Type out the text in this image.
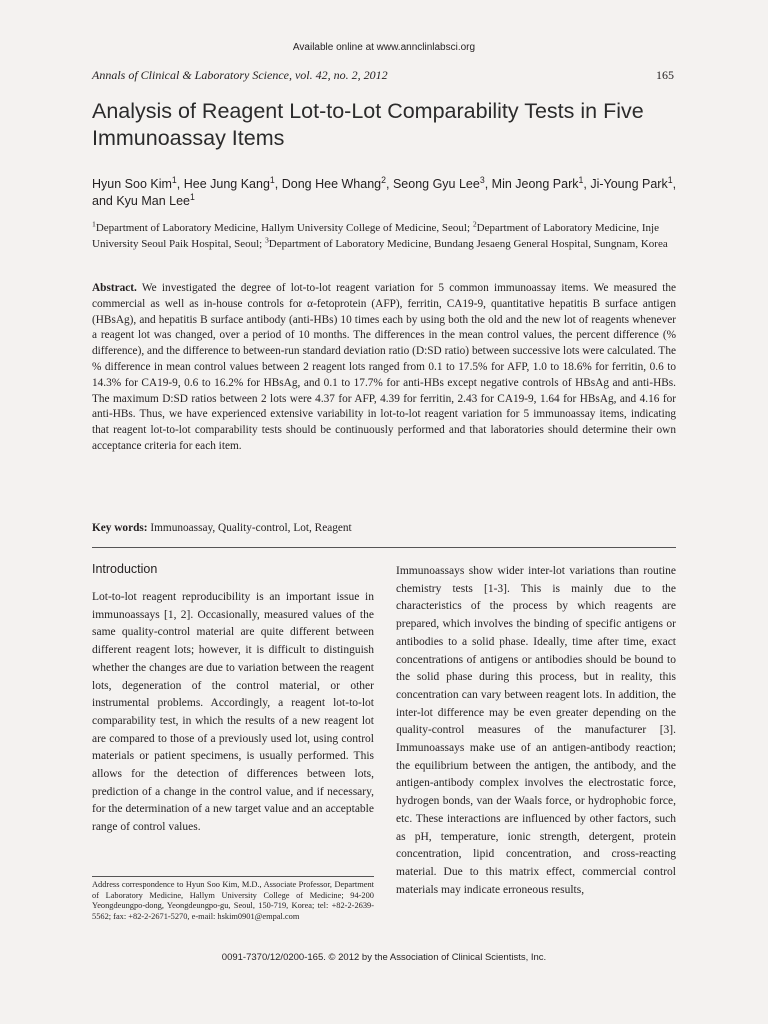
Available online at www.annclinlabsci.org
Annals of Clinical & Laboratory Science, vol. 42, no. 2, 2012	165
Analysis of Reagent Lot-to-Lot Comparability Tests in Five Immunoassay Items
Hyun Soo Kim$^1$, Hee Jung Kang$^1$, Dong Hee Whang$^2$, Seong Gyu Lee$^3$, Min Jeong Park$^1$, Ji-Young Park$^1$, and Kyu Man Lee$^1$
$^1$Department of Laboratory Medicine, Hallym University College of Medicine, Seoul; $^2$Department of Laboratory Medicine, Inje University Seoul Paik Hospital, Seoul; $^3$Department of Laboratory Medicine, Bundang Jesaeng General Hospital, Sungnam, Korea
Abstract. We investigated the degree of lot-to-lot reagent variation for 5 common immunoassay items. We measured the commercial as well as in-house controls for α-fetoprotein (AFP), ferritin, CA19-9, quantitative hepatitis B surface antigen (HBsAg), and hepatitis B surface antibody (anti-HBs) 10 times each by using both the old and the new lot of reagents whenever a reagent lot was changed, over a period of 10 months. The differences in the mean control values, the percent difference (% difference), and the difference to between-run standard deviation ratio (D:SD ratio) between successive lots were calculated. The % difference in mean control values between 2 reagent lots ranged from 0.1 to 17.5% for AFP, 1.0 to 18.6% for ferritin, 0.6 to 14.3% for CA19-9, 0.6 to 16.2% for HBsAg, and 0.1 to 17.7% for anti-HBs except negative controls of HBsAg and anti-HBs. The maximum D:SD ratios between 2 lots were 4.37 for AFP, 4.39 for ferritin, 2.43 for CA19-9, 1.64 for HBsAg, and 4.16 for anti-HBs. Thus, we have experienced extensive variability in lot-to-lot reagent variation for 5 immunoassay items, indicating that reagent lot-to-lot comparability tests should be continuously performed and that laboratories should determine their own acceptance criteria for each item.
Key words: Immunoassay, Quality-control, Lot, Reagent
Introduction

Lot-to-lot reagent reproducibility is an important issue in immunoassays [1, 2]. Occasionally, measured values of the same quality-control material are quite different between different reagent lots; however, it is difficult to distinguish whether the changes are due to variation between the reagent lots, degeneration of the control material, or other instrumental problems. Accordingly, a reagent lot-to-lot comparability test, in which the results of a new reagent lot are compared to those of a previously used lot, using control materials or patient specimens, is usually performed. This allows for the detection of differences between lots, prediction of a change in the control value, and if necessary, for the determination of a new target value and an acceptable range of control values.

Immunoassays show wider inter-lot variations than routine chemistry tests [1-3]. This is mainly due to the characteristics of the process by which reagents are prepared, which involves the binding of specific antigens or antibodies to a solid phase. Ideally, time after time, exact concentrations of antigens or antibodies should be bound to the solid phase during this process, but in reality, this concentration can vary between reagent lots. In addition, the inter-lot difference may be even greater depending on the quality-control measures of the manufacturer [3]. Immunoassays make use of an antigen-antibody reaction; the equilibrium between the antigen, the antibody, and the antigen-antibody complex involves the electrostatic force, hydrogen bonds, van der Waals force, or hydrophobic force, etc. These interactions are influenced by other factors, such as pH, temperature, ionic strength, detergent, protein concentration, lipid concentration, and cross-reacting material. Due to this matrix effect, commercial control materials may indicate erroneous results,

Address correspondence to Hyun Soo Kim, M.D., Associate Professor, Department of Laboratory Medicine, Hallym University College of Medicine; 94-200 Yeongdeungpo-dong, Yeongdeungpo-gu, Seoul, 150-719, Korea; tel: +82-2-2639-5562; fax: +82-2-2671-5270, e-mail: hskim0901@empal.com
0091-7370/12/0200-165. © 2012 by the Association of Clinical Scientists, Inc.
